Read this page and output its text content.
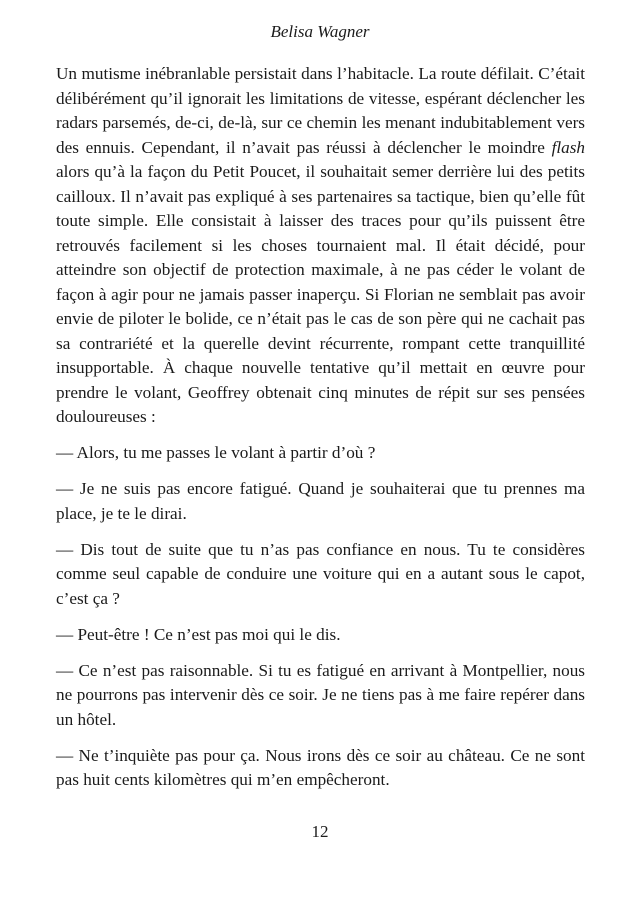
Belisa Wagner

Un mutisme inébranlable persistait dans l’habitacle. La route défilait. C’était délibérément qu’il ignorait les limitations de vitesse, espérant déclencher les radars parsemés, de-ci, de-là, sur ce chemin les menant indubitablement vers des ennuis. Cependant, il n’avait pas réussi à déclencher le moindre flash alors qu’à la façon du Petit Poucet, il souhaitait semer derrière lui des petits cailloux. Il n’avait pas expliqué à ses partenaires sa tactique, bien qu’elle fût toute simple. Elle consistait à laisser des traces pour qu’ils puissent être retrouvés facilement si les choses tournaient mal. Il était décidé, pour atteindre son objectif de protection maximale, à ne pas céder le volant de façon à agir pour ne jamais passer inaperçu. Si Florian ne semblait pas avoir envie de piloter le bolide, ce n’était pas le cas de son père qui ne cachait pas sa contrariété et la querelle devint récurrente, rompant cette tranquillité insupportable. À chaque nouvelle tentative qu’il mettait en œuvre pour prendre le volant, Geoffrey obtenait cinq minutes de répit sur ses pensées douloureuses :

— Alors, tu me passes le volant à partir d’où ?

— Je ne suis pas encore fatigué. Quand je souhaiterai que tu prennes ma place, je te le dirai.

— Dis tout de suite que tu n’as pas confiance en nous. Tu te considères comme seul capable de conduire une voiture qui en a autant sous le capot, c’est ça ?

— Peut-être ! Ce n’est pas moi qui le dis.

— Ce n’est pas raisonnable. Si tu es fatigué en arrivant à Montpellier, nous ne pourrons pas intervenir dès ce soir. Je ne tiens pas à me faire repérer dans un hôtel.

— Ne t’inquiète pas pour ça. Nous irons dès ce soir au château. Ce ne sont pas huit cents kilomètres qui m’en empêcheront.

12
